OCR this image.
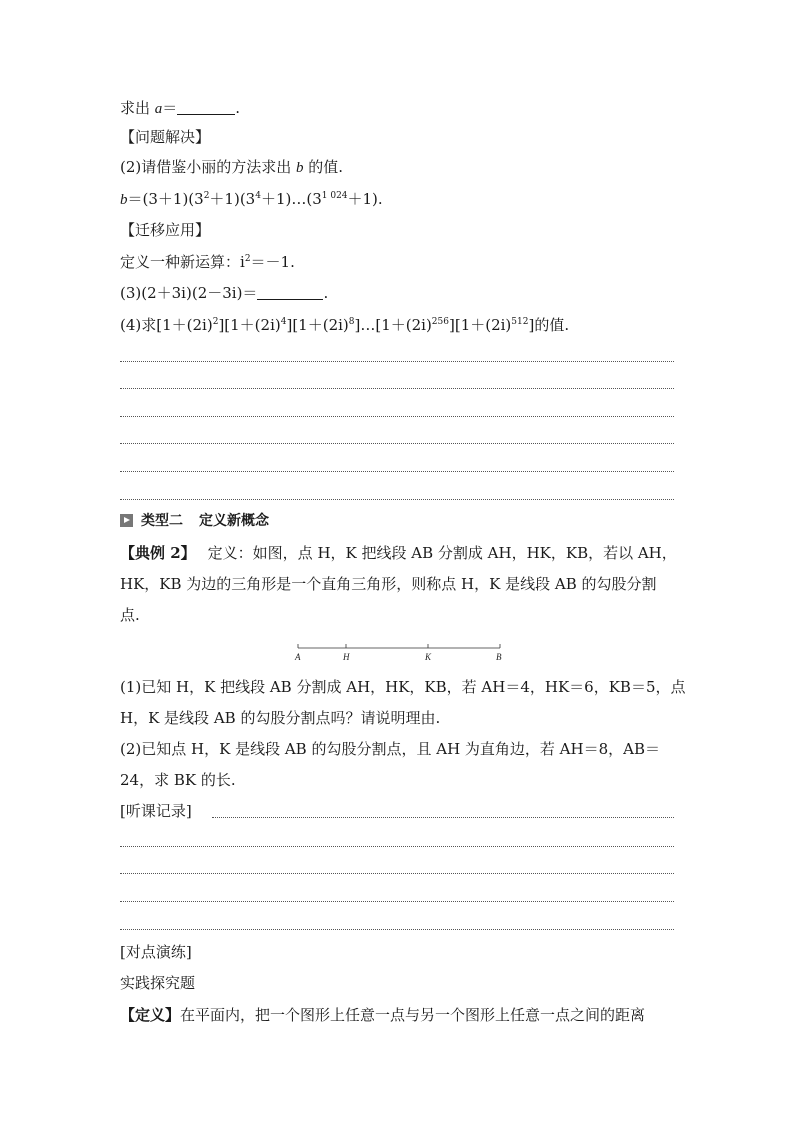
求出 a＝	.
【问题解决】
(2)请借鉴小丽的方法求出 b 的值.
$b=(3+1)(3^2+1)(3^4+1)\dots(3^{1 024}+1)$.
【迁移应用】
定义一种新运算：$i^2=-1$.
(3)(2＋3i)(2－3i)＝	.
(4)求$[1+(2i)^2][1+(2i)^4][1+(2i)^8]\dots[1+(2i)^{256}][1+(2i)^{512}]$的值.
类型二 定义新概念
【典例 2】 定义：如图，点 H，K 把线段 AB 分割成 AH，HK，KB，若以 AH，
HK，KB 为边的三角形是一个直角三角形，则称点 H，K 是线段 AB 的勾股分割
点.
A	H	K	B
(1)已知 H，K 把线段 AB 分割成 AH，HK，KB，若 AH＝4，HK＝6，KB＝5，点
H，K 是线段 AB 的勾股分割点吗？请说明理由.
(2)已知点 H，K 是线段 AB 的勾股分割点，且 AH 为直角边，若 AH＝8，AB＝
24，求 BK 的长.
[听课记录]
[对点演练]
实践探究题
【定义】在平面内，把一个图形上任意一点与另一个图形上任意一点之间的距离
